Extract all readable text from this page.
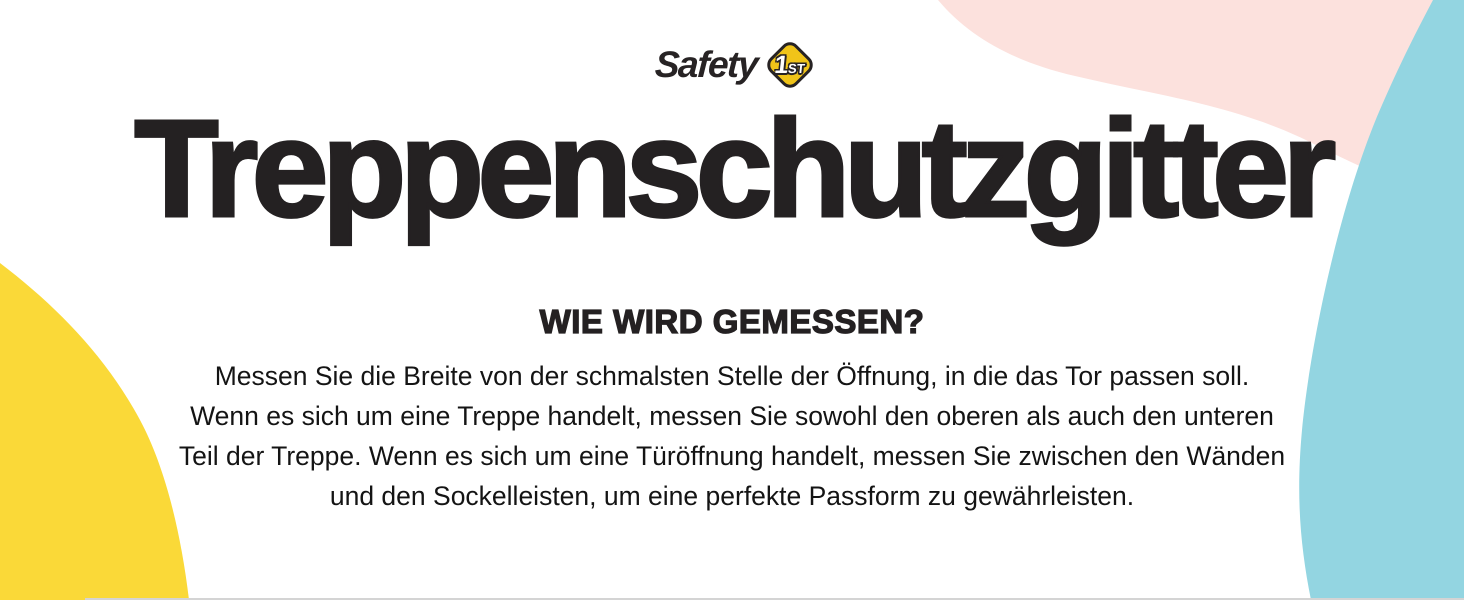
Safety 1ST
Treppenschutzgitter
WIE WIRD GEMESSEN?
Messen Sie die Breite von der schmalsten Stelle der Öffnung, in die das Tor passen soll.
Wenn es sich um eine Treppe handelt, messen Sie sowohl den oberen als auch den unteren
Teil der Treppe. Wenn es sich um eine Türöffnung handelt, messen Sie zwischen den Wänden
und den Sockelleisten, um eine perfekte Passform zu gewährleisten.
